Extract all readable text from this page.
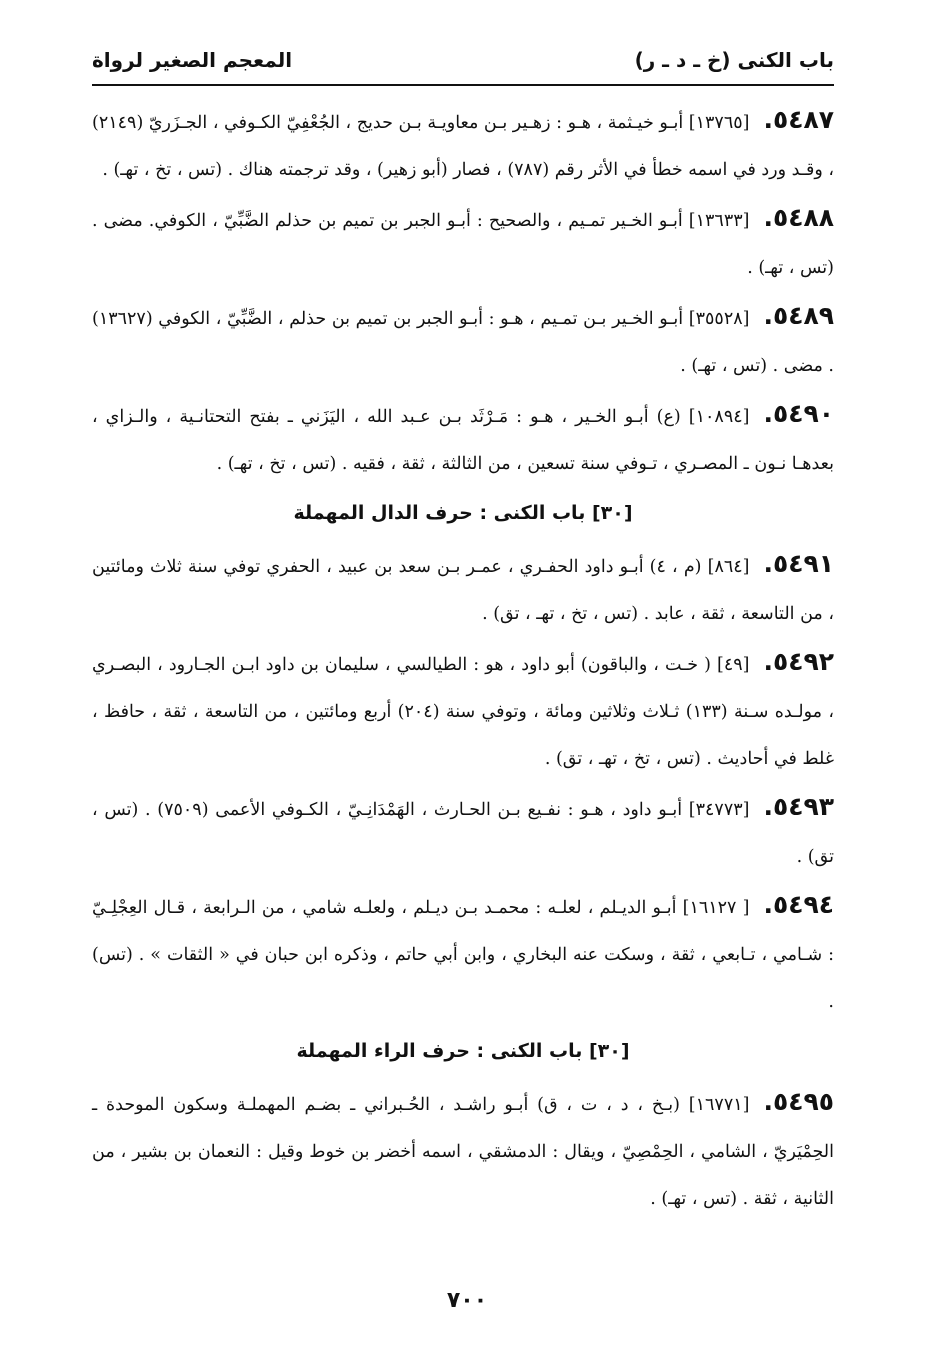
باب الكنى (خ ـ د ـ ر)
المعجم الصغير لرواة
٥٤٨٧.[١٣٧٦٥] أبـو خيـثمة ، هـو : زهـير بـن معاويـة بـن حديج ، الجُعْفِيّ الكـوفي ، الجـزَريّ (٢١٤٩) ، وقـد ورد في اسمه خطأ في الأثر رقم (٧٨٧) ، فصار (أبو زهير) ، وقد ترجمته هناك . (تس ، تخ ، تهـ) .
٥٤٨٨.[١٣٦٣٣] أبـو الخـير تمـيم ، والصحيح : أبـو الجبر بن تميم بن حذلم الضَّبِّيّ ، الكوفي. مضى . (تس ، تهـ) .
٥٤٨٩.[٣٥٥٢٨] أبـو الخـير بـن تمـيم ، هـو : أبـو الجبر بن تميم بن حذلم ، الضَّبِّيّ ، الكوفي (١٣٦٢٧) . مضى . (تس ، تهـ) .
٥٤٩٠.[١٠٨٩٤] (ع) أبـو الخـير ، هـو : مَـرْثَد بـن عـبد الله ، اليَزَني ـ بفتح التحتانـية ، والـزاي ، بعدهـا نـون ـ المصـري ، تـوفي سنة تسعين ، من الثالثة ، ثقة ، فقيه . (تس ، تخ ، تهـ) .
[٣٠] باب الكنى : حرف الدال المهملة
٥٤٩١.[٨٦٤] (م ، ٤) أبـو داود الحفـري ، عمـر بـن سعد بن عبيد ، الحفري توفي سنة ثلاث ومائتين ، من التاسعة ، ثقة ، عابد . (تس ، تخ ، تهـ ، تق) .
٥٤٩٢.[٤٩] ( خـت ، والباقون) أبو داود ، هو : الطيالسي ، سليمان بن داود ابـن الجـارود ، البصـري ، مولـده سـنة (١٣٣) ثـلاث وثلاثين ومائة ، وتوفي سنة (٢٠٤) أربع ومائتين ، من التاسعة ، ثقة ، حافظ ، غلط في أحاديث . (تس ، تخ ، تهـ ، تق) .
٥٤٩٣.[٣٤٧٧٣] أبـو داود ، هـو : نفـيع بـن الحـارث ، الهَمْدَانِـيّ ، الكـوفي الأعمى (٧٥٠٩) . (تس ، تق) .
٥٤٩٤.[ ١٦١٢٧] أبـو الديـلم ، لعلـه : محمـد بـن ديـلم ، ولعلـه شامي ، من الـرابعة ، قـال العِجْلِـيّ : شـامي ، تـابعي ، ثقة ، وسكت عنه البخاري ، وابن أبي حاتم ، وذكره ابن حبان في « الثقات » . (تس) .
[٣٠] باب الكنى : حرف الراء المهملة
٥٤٩٥.[١٦٧٧١] (بـخ ، د ، ت ، ق) أبـو راشـد ، الحُـبراني ـ بضـم المهملـة وسكون الموحدة ـ الحِمْيَريّ ، الشامي ، الحِمْصِيّ ، ويقال : الدمشقي ، اسمه أخضر بن خوط وقيل : النعمان بن بشير ، من الثانية ، ثقة . (تس ، تهـ) .
٧٠٠
